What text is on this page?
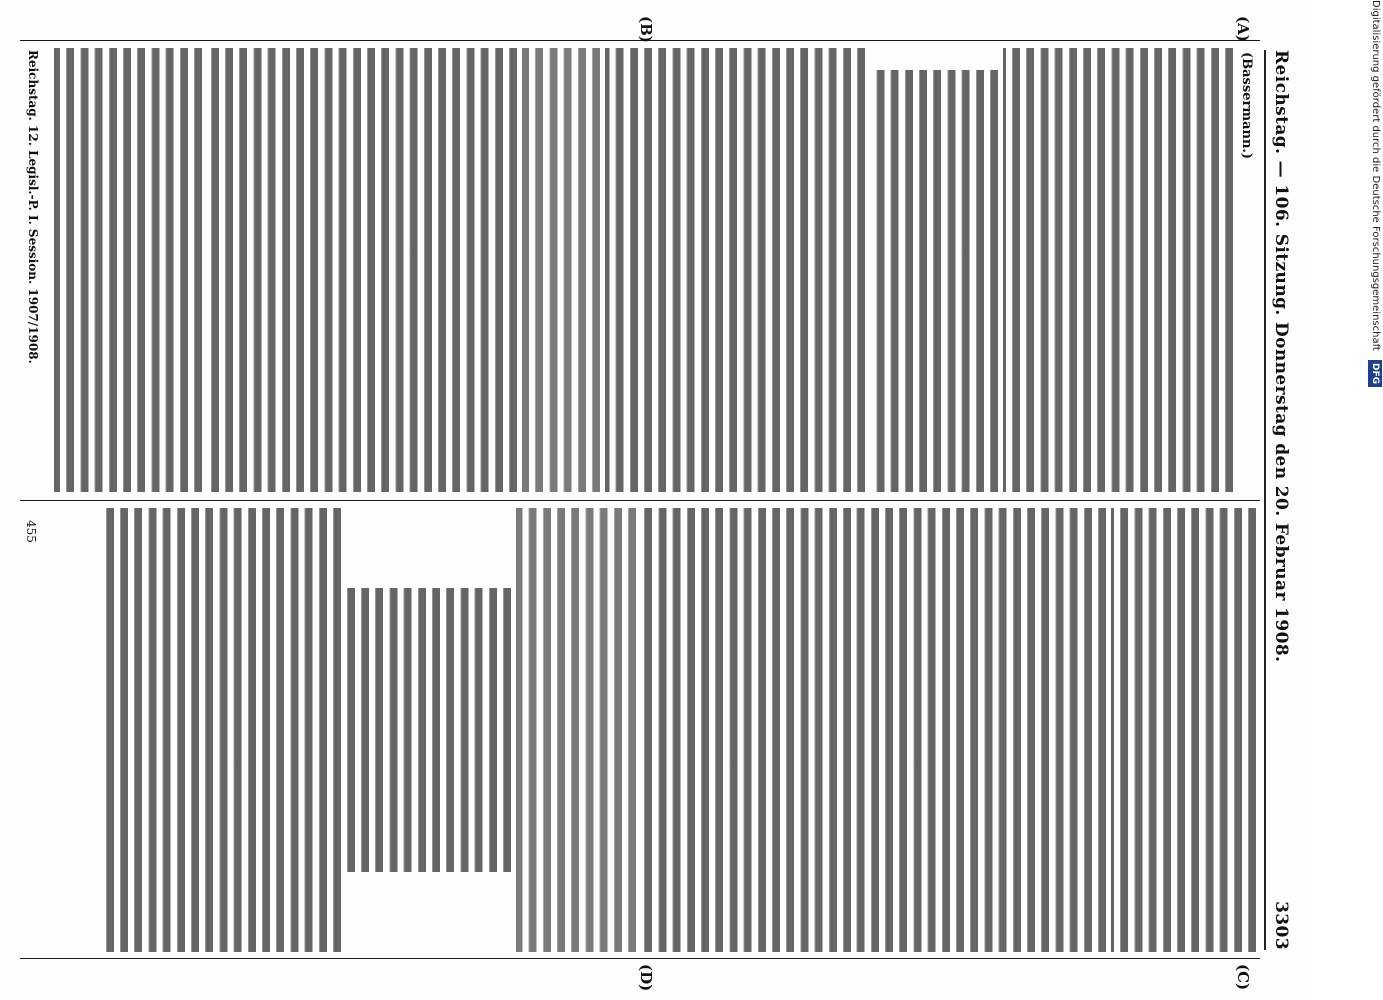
Reichstag. — 106. Sitzung. Donnerstag den 20. Februar 1908.
3303
(A)
(B)
(Bassermann.)
(C)
(D)
Reichstag. 12. Legisl.-P. I. Session. 1907/1908.
455
Digitalisierung gefördert durch die Deutsche Forschungsgemeinschaft DFG
